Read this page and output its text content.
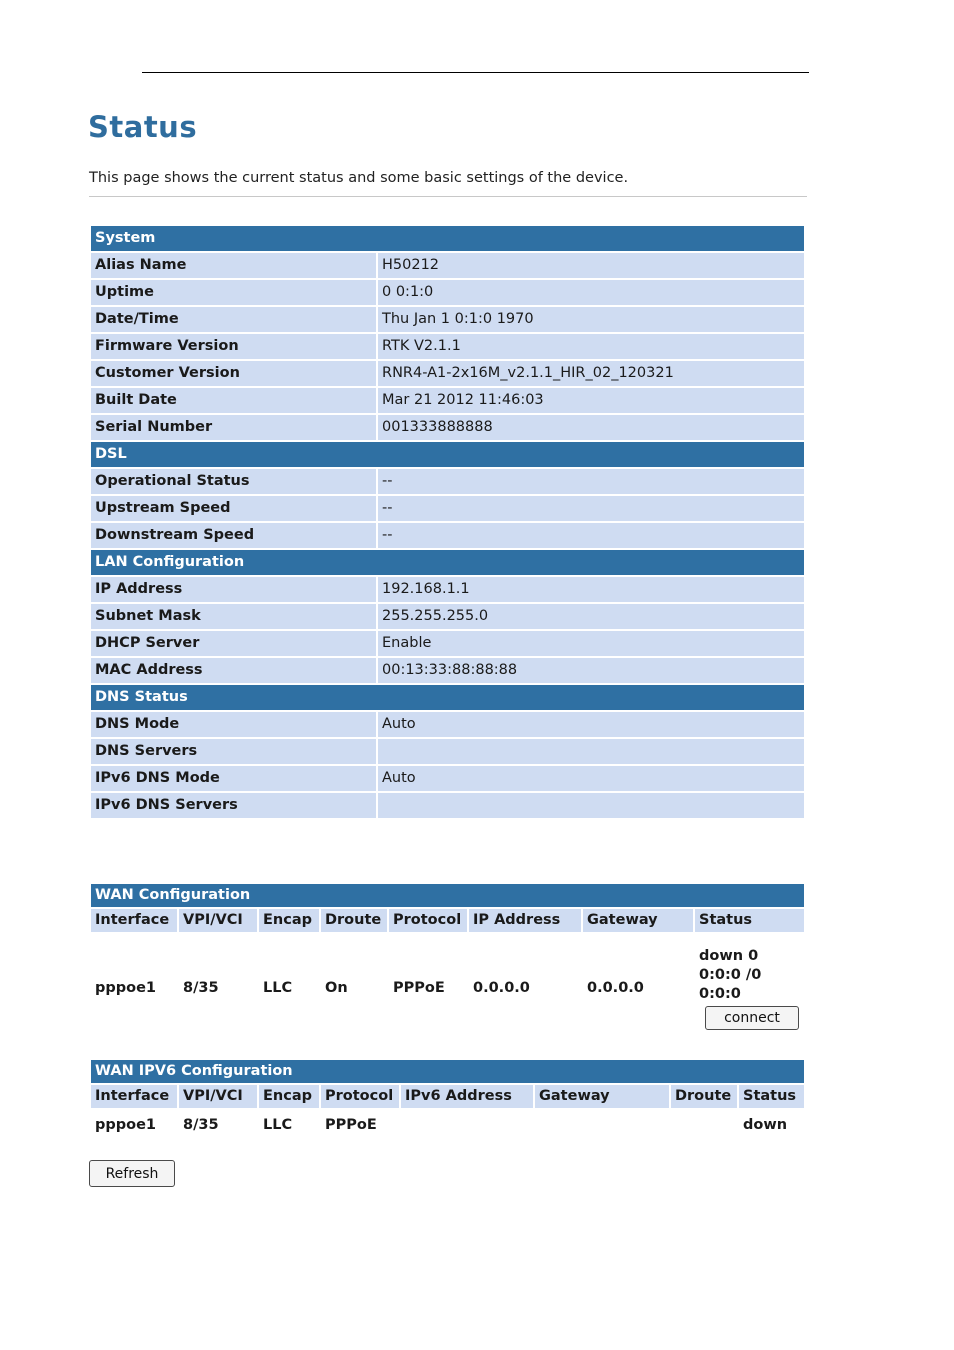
Status

This page shows the current status and some basic settings of the device.

System	
Alias Name	H50212
Uptime	0 0:1:0
Date/Time	Thu Jan 1 0:1:0 1970
Firmware Version	RTK V2.1.1
Customer Version	RNR4-A1-2x16M_v2.1.1_HIR_02_120321
Built Date	Mar 21 2012 11:46:03
Serial Number	001333888888
DSL	
Operational Status	--
Upstream Speed	--
Downstream Speed	--
LAN Configuration	
IP Address	192.168.1.1
Subnet Mask	255.255.255.0
DHCP Server	Enable
MAC Address	00:13:33:88:88:88
DNS Status	
DNS Mode	Auto
DNS Servers	
IPv6 DNS Mode	Auto
IPv6 DNS Servers	
WAN Configuration							
Interface	VPI/VCI	Encap	Droute	Protocol	IP Address	Gateway	Status
pppoe1	8/35	LLC	On	PPPoE	0.0.0.0	0.0.0.0	down 0
0:0:0 /0
0:0:0
connect
WAN IPV6 Configuration							
Interface	VPI/VCI	Encap	Protocol	IPv6 Address	Gateway	Droute	Status
pppoe1	8/35	LLC	PPPoE				down
Refresh
